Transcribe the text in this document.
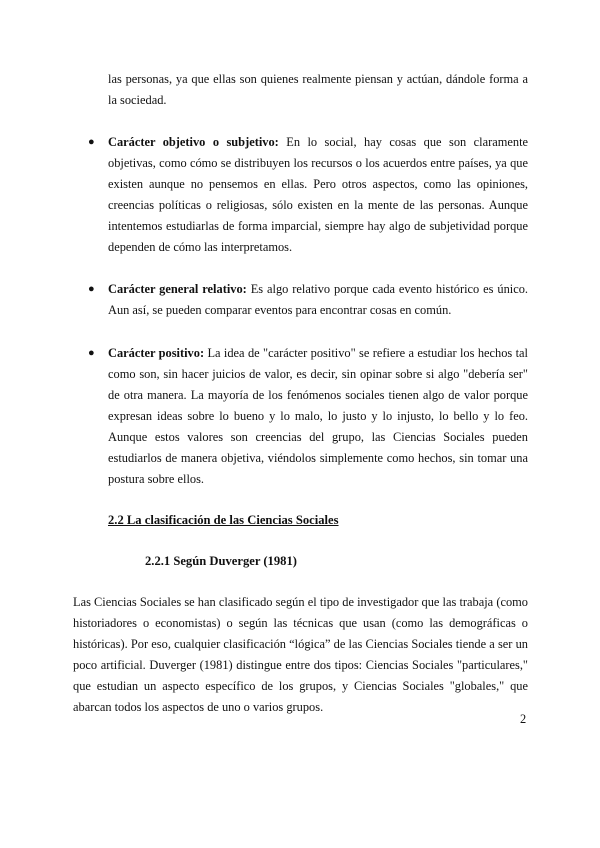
las personas, ya que ellas son quienes realmente piensan y actúan, dándole forma a la sociedad.

● Carácter objetivo o subjetivo: En lo social, hay cosas que son claramente objetivas, como cómo se distribuyen los recursos o los acuerdos entre países, ya que existen aunque no pensemos en ellas. Pero otros aspectos, como las opiniones, creencias políticas o religiosas, sólo existen en la mente de las personas. Aunque intentemos estudiarlas de forma imparcial, siempre hay algo de subjetividad porque dependen de cómo las interpretamos.

● Carácter general relativo: Es algo relativo porque cada evento histórico es único. Aun así, se pueden comparar eventos para encontrar cosas en común.

● Carácter positivo: La idea de "carácter positivo" se refiere a estudiar los hechos tal como son, sin hacer juicios de valor, es decir, sin opinar sobre si algo "debería ser" de otra manera. La mayoría de los fenómenos sociales tienen algo de valor porque expresan ideas sobre lo bueno y lo malo, lo justo y lo injusto, lo bello y lo feo. Aunque estos valores son creencias del grupo, las Ciencias Sociales pueden estudiarlos de manera objetiva, viéndolos simplemente como hechos, sin tomar una postura sobre ellos.

2.2 La clasificación de las Ciencias Sociales
2.2.1 Según Duverger (1981)

Las Ciencias Sociales se han clasificado según el tipo de investigador que las trabaja (como historiadores o economistas) o según las técnicas que usan (como las demográficas o históricas). Por eso, cualquier clasificación “lógica” de las Ciencias Sociales tiende a ser un poco artificial. Duverger (1981) distingue entre dos tipos: Ciencias Sociales "particulares," que estudian un aspecto específico de los grupos, y Ciencias Sociales "globales," que abarcan todos los aspectos de uno o varios grupos.

2
